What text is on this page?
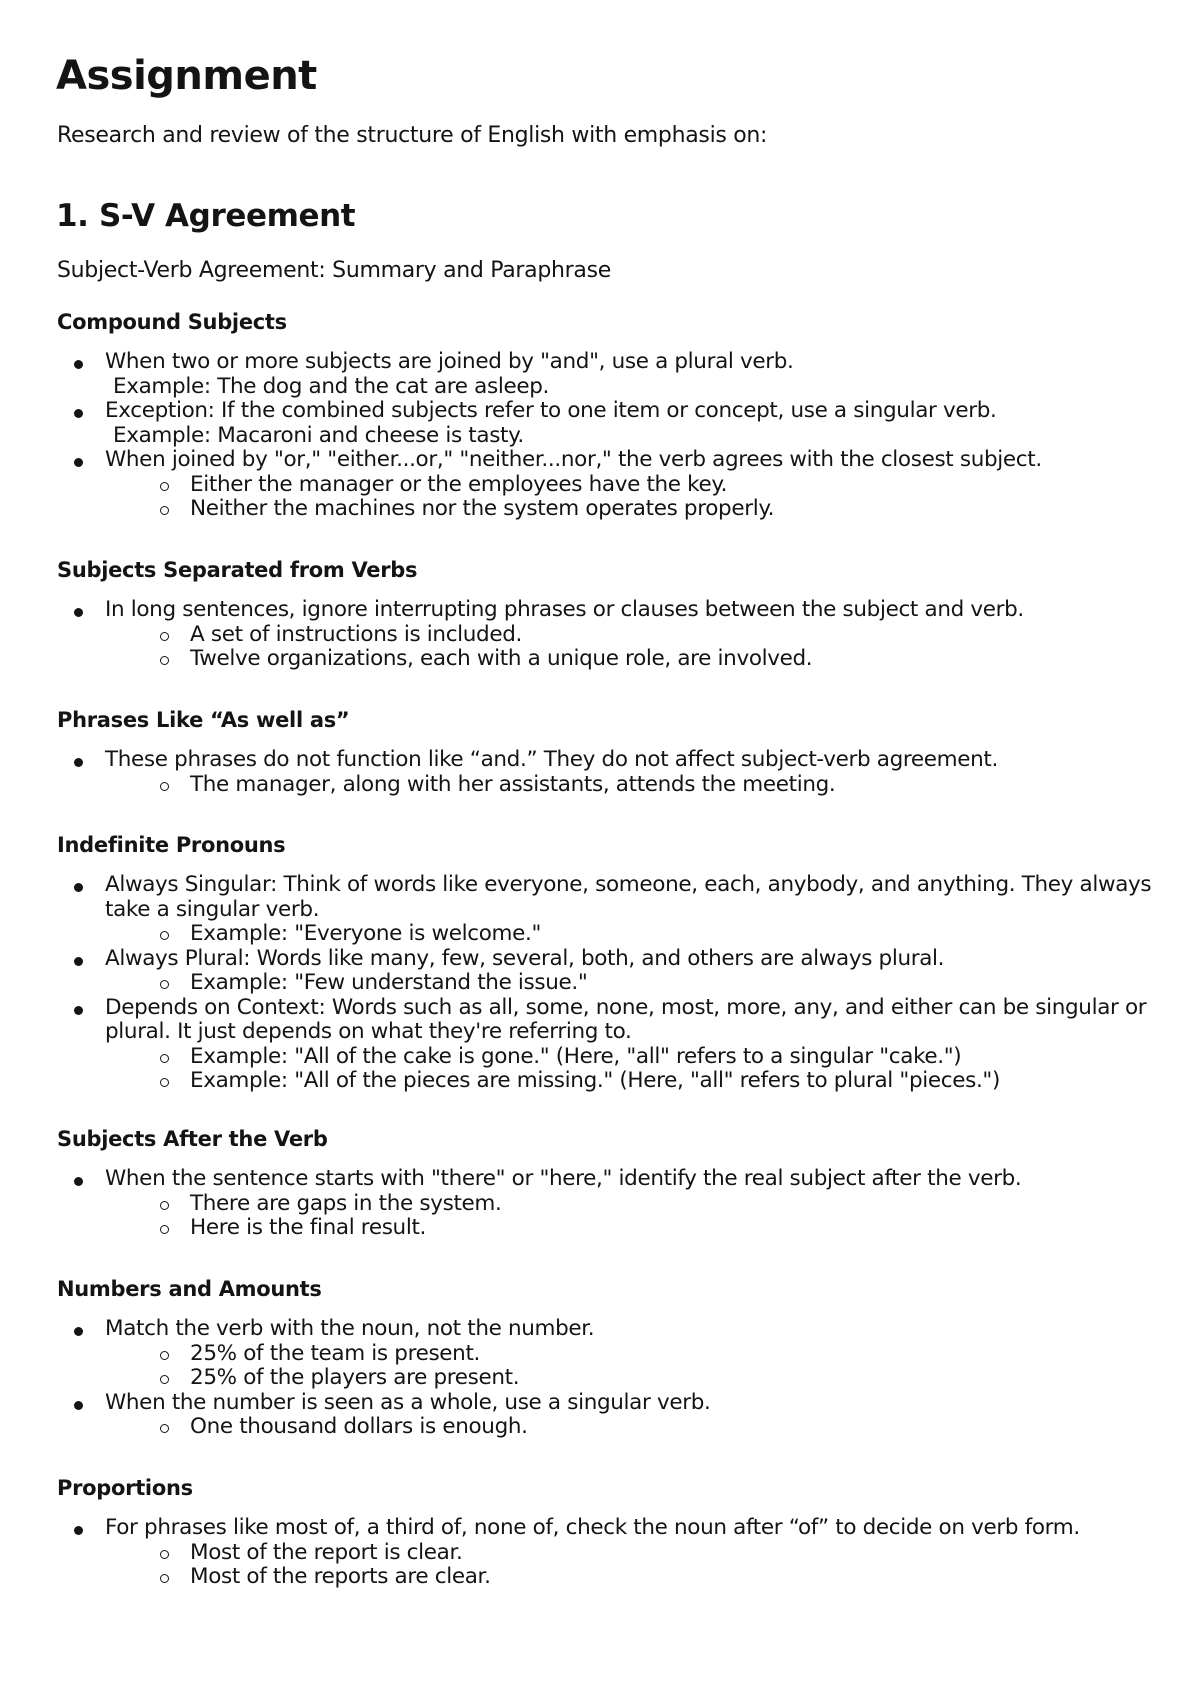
Assignment

Research and review of the structure of English with emphasis on:

1. S-V Agreement

Subject-Verb Agreement: Summary and Paraphrase

Compound Subjects
When two or more subjects are joined by "and", use a plural verb.
Example: The dog and the cat are asleep.
Exception: If the combined subjects refer to one item or concept, use a singular verb.
Example: Macaroni and cheese is tasty.
When joined by "or," "either...or," "neither...nor," the verb agrees with the closest subject.
Either the manager or the employees have the key.
Neither the machines nor the system operates properly.
Subjects Separated from Verbs
In long sentences, ignore interrupting phrases or clauses between the subject and verb.
A set of instructions is included.
Twelve organizations, each with a unique role, are involved.
Phrases Like “As well as”
These phrases do not function like “and.” They do not affect subject-verb agreement.
The manager, along with her assistants, attends the meeting.
Indefinite Pronouns
Always Singular: Think of words like everyone, someone, each, anybody, and anything. They always take a singular verb.
Example: "Everyone is welcome."
Always Plural: Words like many, few, several, both, and others are always plural.
Example: "Few understand the issue."
Depends on Context: Words such as all, some, none, most, more, any, and either can be singular or plural. It just depends on what they're referring to.
Example: "All of the cake is gone." (Here, "all" refers to a singular "cake.")
Example: "All of the pieces are missing." (Here, "all" refers to plural "pieces.")
Subjects After the Verb
When the sentence starts with "there" or "here," identify the real subject after the verb.
There are gaps in the system.
Here is the final result.
Numbers and Amounts
Match the verb with the noun, not the number.
25% of the team is present.
25% of the players are present.
When the number is seen as a whole, use a singular verb.
One thousand dollars is enough.
Proportions
For phrases like most of, a third of, none of, check the noun after “of” to decide on verb form.
Most of the report is clear.
Most of the reports are clear.
